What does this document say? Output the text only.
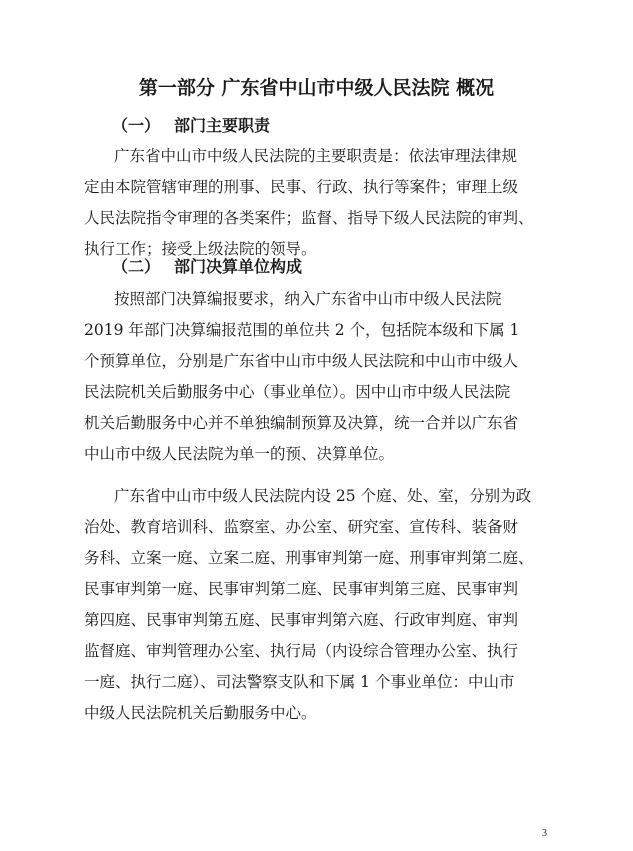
第一部分 广东省中山市中级人民法院 概况
（一） 部门主要职责
广东省中山市中级人民法院的主要职责是：依法审理法律规
定由本院管辖审理的刑事、民事、行政、执行等案件；审理上级
人民法院指令审理的各类案件；监督、指导下级人民法院的审判、
执行工作；接受上级法院的领导。
（二） 部门决算单位构成
按照部门决算编报要求，纳入广东省中山市中级人民法院
2019 年部门决算编报范围的单位共 2 个，包括院本级和下属 1
个预算单位，分别是广东省中山市中级人民法院和中山市中级人
民法院机关后勤服务中心（事业单位）。因中山市中级人民法院
机关后勤服务中心并不单独编制预算及决算，统一合并以广东省
中山市中级人民法院为单一的预、决算单位。
广东省中山市中级人民法院内设 25 个庭、处、室，分别为政
治处、教育培训科、监察室、办公室、研究室、宣传科、装备财
务科、立案一庭、立案二庭、刑事审判第一庭、刑事审判第二庭、
民事审判第一庭、民事审判第二庭、民事审判第三庭、民事审判
第四庭、民事审判第五庭、民事审判第六庭、行政审判庭、审判
监督庭、审判管理办公室、执行局（内设综合管理办公室、执行
一庭、执行二庭）、司法警察支队和下属 1 个事业单位：中山市
中级人民法院机关后勤服务中心。
3
